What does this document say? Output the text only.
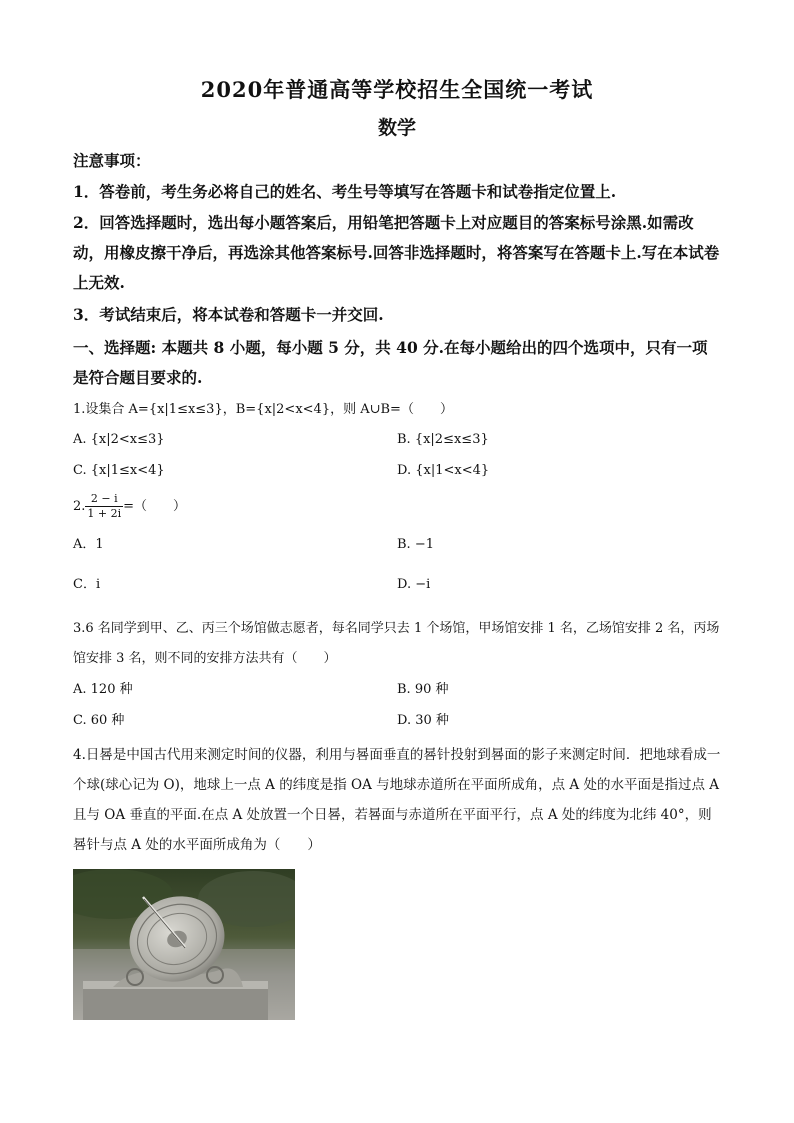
2020年普通高等学校招生全国统一考试
数学
注意事项：
1．答卷前，考生务必将自己的姓名、考生号等填写在答题卡和试卷指定位置上.
2．回答选择题时，选出每小题答案后，用铅笔把答题卡上对应题目的答案标号涂黑.如需改动，用橡皮擦干净后，再选涂其他答案标号.回答非选择题时，将答案写在答题卡上.写在本试卷上无效.
3．考试结束后，将本试卷和答题卡一并交回.
一、选择题: 本题共 8 小题，每小题 5 分，共 40 分.在每小题给出的四个选项中，只有一项是符合题目要求的.
1.设集合 A={x|1≤x≤3}，B={x|2<x<4}，则 A∪B=（　　）
A. {x|2<x≤3}	B. {x|2≤x≤3}
C. {x|1≤x<4}	D. {x|1<x<4}
2. $\frac{2 - i}{1 + 2i}$ =（　　）
A．1	B. −1
C．i	D. −i
3.6 名同学到甲、乙、丙三个场馆做志愿者，每名同学只去 1 个场馆，甲场馆安排 1 名，乙场馆安排 2 名，丙场馆安排 3 名，则不同的安排方法共有（　　）
A. 120 种	B. 90 种
C. 60 种	D. 30 种
4.日晷是中国古代用来测定时间的仪器，利用与晷面垂直的晷针投射到晷面的影子来测定时间．把地球看成一个球(球心记为 O)，地球上一点 A 的纬度是指 OA 与地球赤道所在平面所成角，点 A 处的水平面是指过点 A 且与 OA 垂直的平面.在点 A 处放置一个日晷，若晷面与赤道所在平面平行，点 A 处的纬度为北纬 40°，则晷针与点 A 处的水平面所成角为（　　）
